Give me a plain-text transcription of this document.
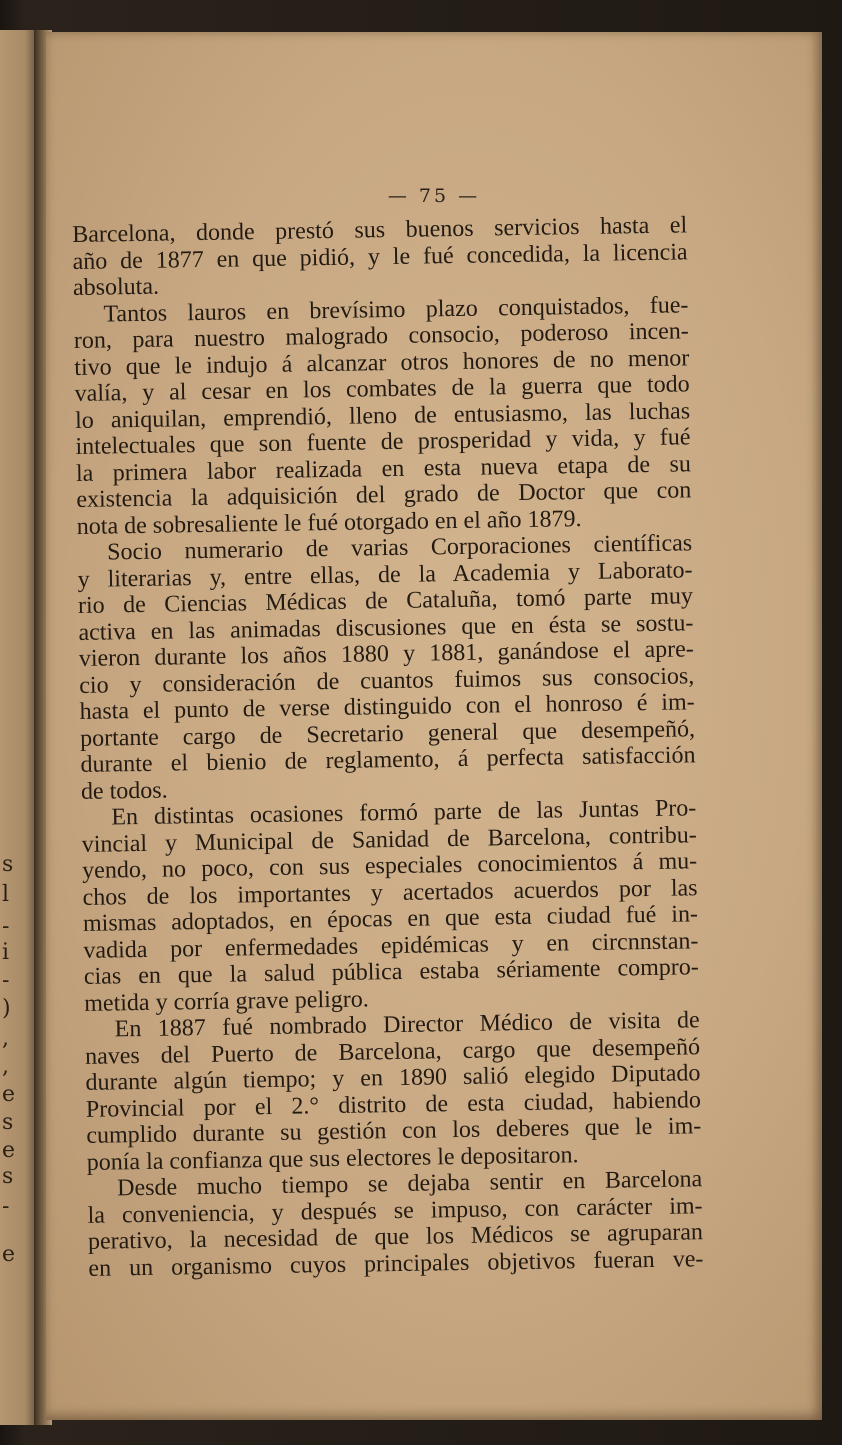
s
l
-
i
-
)
,
,
e
s
e
s
-
e
— 75 —
Barcelona, donde prestó sus buenos servicios hasta el
año de 1877 en que pidió, y le fué concedida, la licencia
absoluta.
Tantos lauros en brevísimo plazo conquistados, fue-
ron, para nuestro malogrado consocio, poderoso incen-
tivo que le indujo á alcanzar otros honores de no menor
valía, y al cesar en los combates de la guerra que todo
lo aniquilan, emprendió, lleno de entusiasmo, las luchas
intelectuales que son fuente de prosperidad y vida, y fué
la primera labor realizada en esta nueva etapa de su
existencia la adquisición del grado de Doctor que con
nota de sobresaliente le fué otorgado en el año 1879.
Socio numerario de varias Corporaciones científicas
y literarias y, entre ellas, de la Academia y Laborato-
rio de Ciencias Médicas de Cataluña, tomó parte muy
activa en las animadas discusiones que en ésta se sostu-
vieron durante los años 1880 y 1881, ganándose el apre-
cio y consideración de cuantos fuimos sus consocios,
hasta el punto de verse distinguido con el honroso é im-
portante cargo de Secretario general que desempeñó,
durante el bienio de reglamento, á perfecta satisfacción
de todos.
En distintas ocasiones formó parte de las Juntas Pro-
vincial y Municipal de Sanidad de Barcelona, contribu-
yendo, no poco, con sus especiales conocimientos á mu-
chos de los importantes y acertados acuerdos por las
mismas adoptados, en épocas en que esta ciudad fué in-
vadida por enfermedades epidémicas y en circnnstan-
cias en que la salud pública estaba sériamente compro-
metida y corría grave peligro.
En 1887 fué nombrado Director Médico de visita de
naves del Puerto de Barcelona, cargo que desempeñó
durante algún tiempo; y en 1890 salió elegido Diputado
Provincial por el 2.° distrito de esta ciudad, habiendo
cumplido durante su gestión con los deberes que le im-
ponía la confianza que sus electores le depositaron.
Desde mucho tiempo se dejaba sentir en Barcelona
la conveniencia, y después se impuso, con carácter im-
perativo, la necesidad de que los Médicos se agruparan
en un organismo cuyos principales objetivos fueran ve-
